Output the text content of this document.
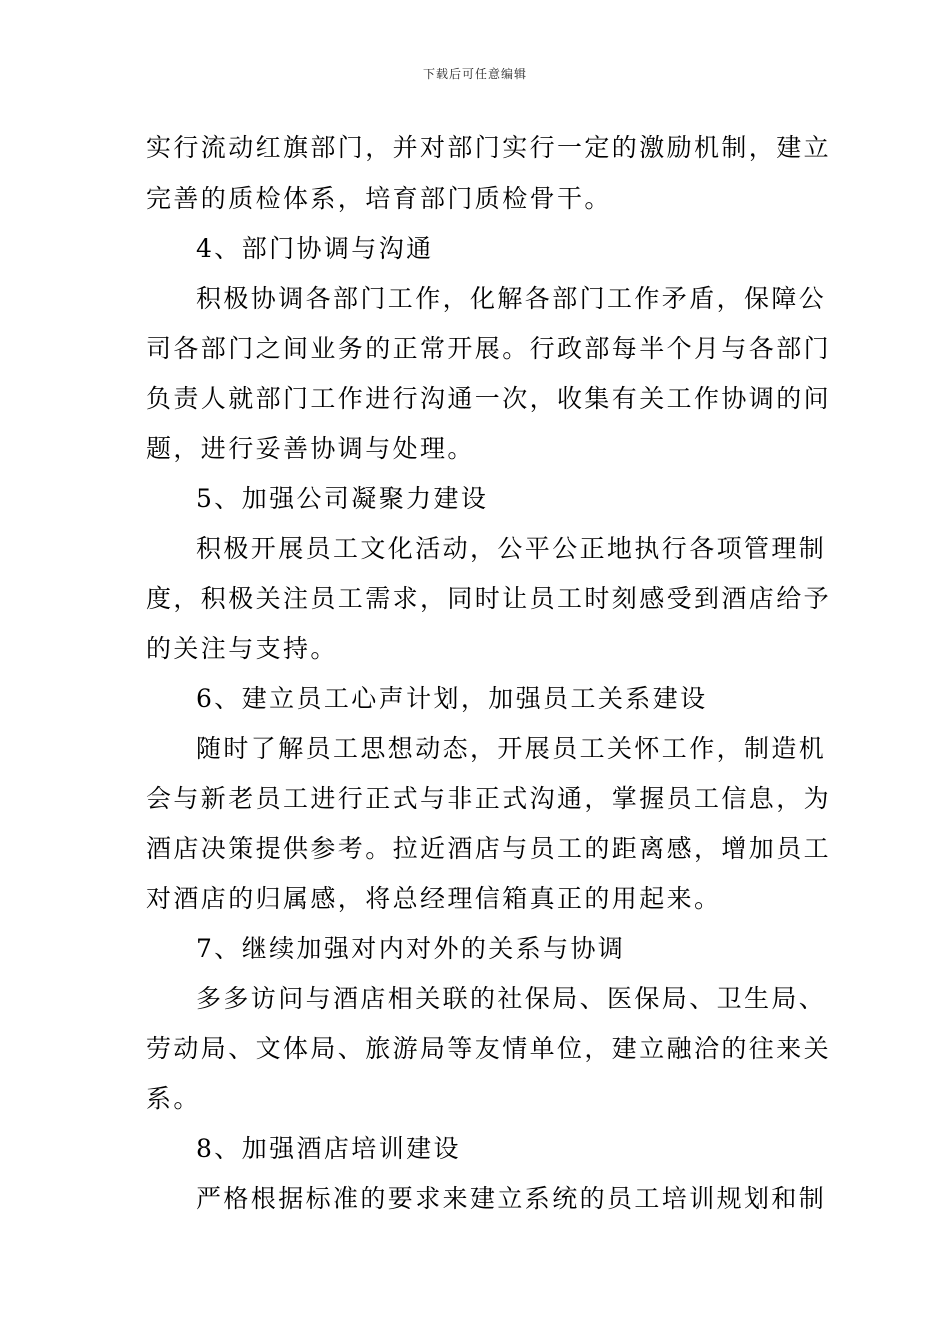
下载后可任意编辑
实行流动红旗部门，并对部门实行一定的激励机制，建立
完善的质检体系，培育部门质检骨干。
4、部门协调与沟通
积极协调各部门工作，化解各部门工作矛盾，保障公
司各部门之间业务的正常开展。行政部每半个月与各部门
负责人就部门工作进行沟通一次，收集有关工作协调的问
题，进行妥善协调与处理。
5、加强公司凝聚力建设
积极开展员工文化活动，公平公正地执行各项管理制
度，积极关注员工需求，同时让员工时刻感受到酒店给予
的关注与支持。
6、建立员工心声计划，加强员工关系建设
随时了解员工思想动态，开展员工关怀工作，制造机
会与新老员工进行正式与非正式沟通，掌握员工信息，为
酒店决策提供参考。拉近酒店与员工的距离感，增加员工
对酒店的归属感，将总经理信箱真正的用起来。
7、继续加强对内对外的关系与协调
多多访问与酒店相关联的社保局、医保局、卫生局、
劳动局、文体局、旅游局等友情单位，建立融洽的往来关
系。
8、加强酒店培训建设
严格根据标准的要求来建立系统的员工培训规划和制
